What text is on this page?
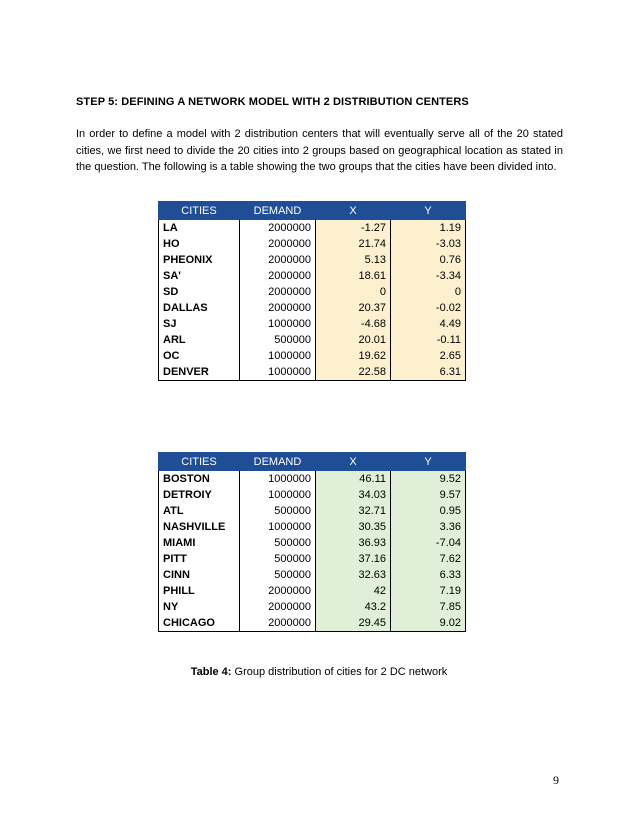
STEP 5: DEFINING A NETWORK MODEL WITH 2 DISTRIBUTION CENTERS

In order to define a model with 2 distribution centers that will eventually serve all of the 20 stated cities, we first need to divide the 20 cities into 2 groups based on geographical location as stated in the question. The following is a table showing the two groups that the cities have been divided into.

CITIES	DEMAND	X	Y
LA	2000000	-1.27	1.19
HO	2000000	21.74	-3.03
PHEONIX	2000000	5.13	0.76
SA'	2000000	18.61	-3.34
SD	2000000	0	0
DALLAS	2000000	20.37	-0.02
SJ	1000000	-4.68	4.49
ARL	500000	20.01	-0.11
OC	1000000	19.62	2.65
DENVER	1000000	22.58	6.31
CITIES	DEMAND	X	Y
BOSTON	1000000	46.11	9.52
DETROIY	1000000	34.03	9.57
ATL	500000	32.71	0.95
NASHVILLE	1000000	30.35	3.36
MIAMI	500000	36.93	-7.04
PITT	500000	37.16	7.62
CINN	500000	32.63	6.33
PHILL	2000000	42	7.19
NY	2000000	43.2	7.85
CHICAGO	2000000	29.45	9.02
Table 4: Group distribution of cities for 2 DC network
9
